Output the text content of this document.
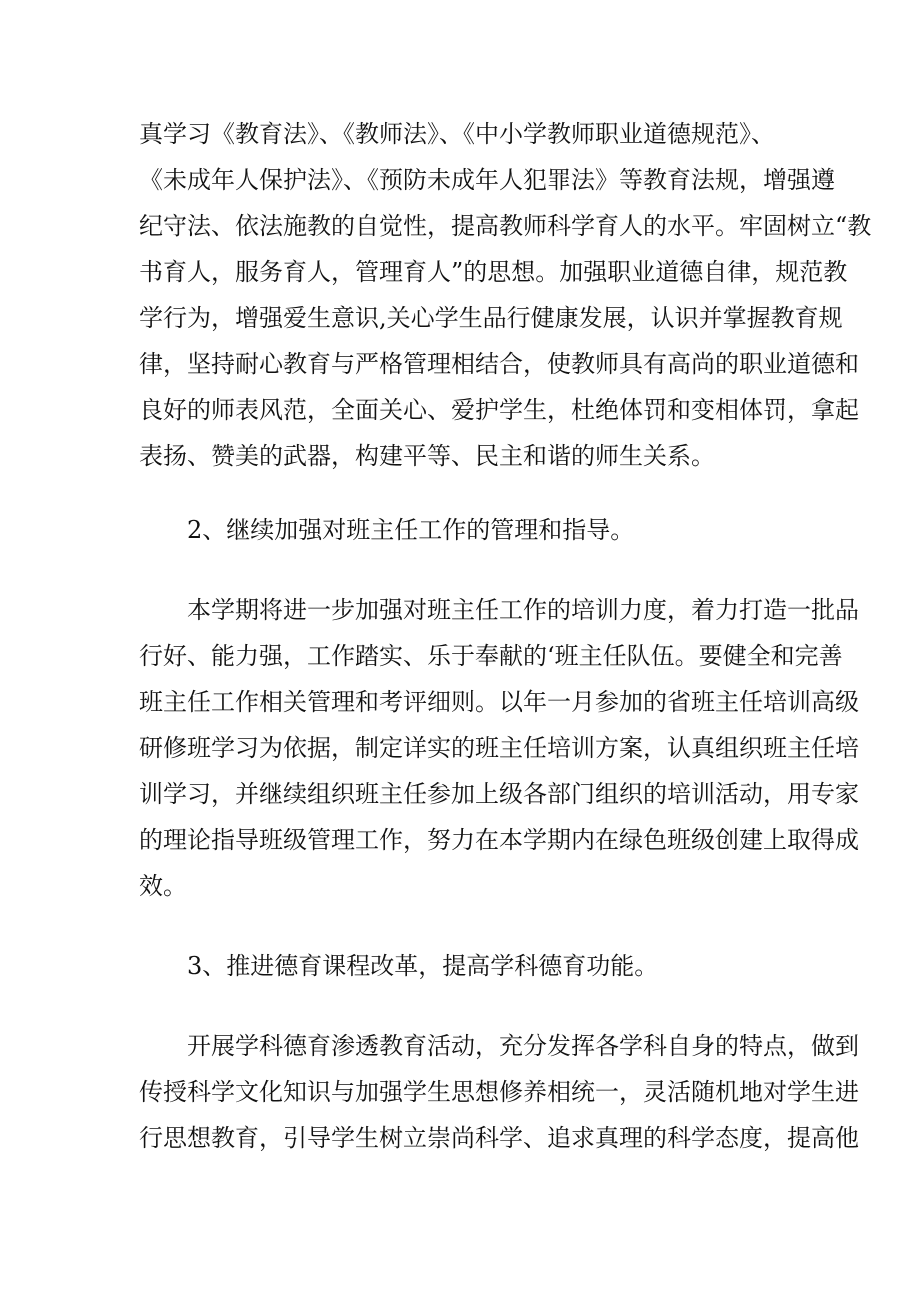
真学习《教育法》、《教师法》、《中小学教师职业道德规范》、
《未成年人保护法》、《预防未成年人犯罪法》等教育法规，增强遵
纪守法、依法施教的自觉性，提高教师科学育人的水平。牢固树立“教
书育人，服务育人，管理育人”的思想。加强职业道德自律，规范教
学行为，增强爱生意识,关心学生品行健康发展，认识并掌握教育规
律，坚持耐心教育与严格管理相结合，使教师具有高尚的职业道德和
良好的师表风范，全面关心、爱护学生，杜绝体罚和变相体罚，拿起
表扬、赞美的武器，构建平等、民主和谐的师生关系。
2、继续加强对班主任工作的管理和指导。
本学期将进一步加强对班主任工作的培训力度，着力打造一批品
行好、能力强，工作踏实、乐于奉献的‘班主任队伍。要健全和完善
班主任工作相关管理和考评细则。以年一月参加的省班主任培训高级
研修班学习为依据，制定详实的班主任培训方案，认真组织班主任培
训学习，并继续组织班主任参加上级各部门组织的培训活动，用专家
的理论指导班级管理工作，努力在本学期内在绿色班级创建上取得成
效。
3、推进德育课程改革，提高学科德育功能。
开展学科德育渗透教育活动，充分发挥各学科自身的特点，做到
传授科学文化知识与加强学生思想修养相统一，灵活随机地对学生进
行思想教育，引导学生树立崇尚科学、追求真理的科学态度，提高他
